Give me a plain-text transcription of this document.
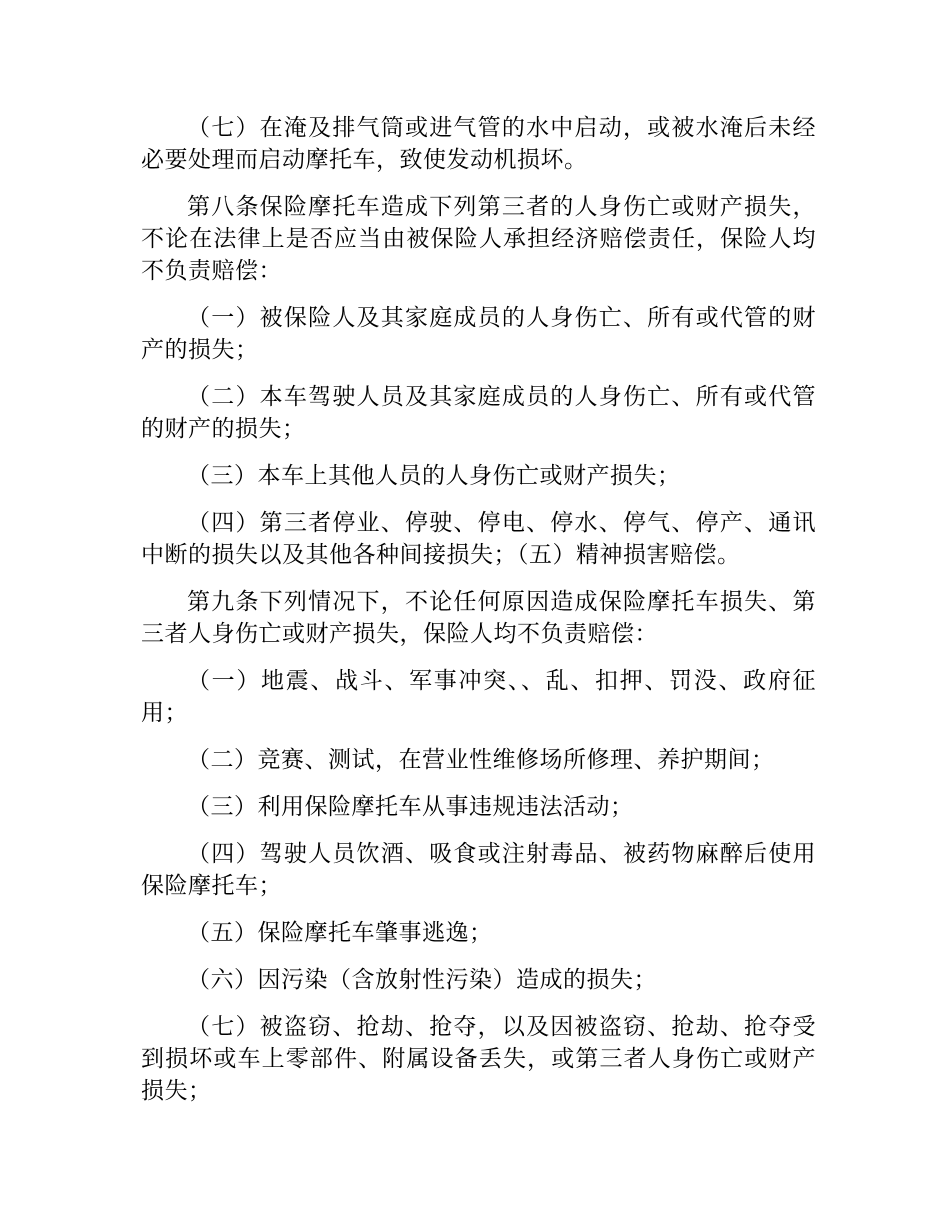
（七）在淹及排气筒或进气管的水中启动，或被水淹后未经必要处理而启动摩托车，致使发动机损坏。

第八条保险摩托车造成下列第三者的人身伤亡或财产损失，不论在法律上是否应当由被保险人承担经济赔偿责任，保险人均不负责赔偿：

（一）被保险人及其家庭成员的人身伤亡、所有或代管的财产的损失；

（二）本车驾驶人员及其家庭成员的人身伤亡、所有或代管的财产的损失；

（三）本车上其他人员的人身伤亡或财产损失；

（四）第三者停业、停驶、停电、停水、停气、停产、通讯中断的损失以及其他各种间接损失；（五）精神损害赔偿。

第九条下列情况下，不论任何原因造成保险摩托车损失、第三者人身伤亡或财产损失，保险人均不负责赔偿：

（一）地震、战斗、军事冲突、、乱、扣押、罚没、政府征用；

（二）竞赛、测试，在营业性维修场所修理、养护期间；

（三）利用保险摩托车从事违规违法活动；

（四）驾驶人员饮酒、吸食或注射毒品、被药物麻醉后使用保险摩托车；

（五）保险摩托车肇事逃逸；

（六）因污染（含放射性污染）造成的损失；

（七）被盗窃、抢劫、抢夺，以及因被盗窃、抢劫、抢夺受到损坏或车上零部件、附属设备丢失，或第三者人身伤亡或财产损失；
